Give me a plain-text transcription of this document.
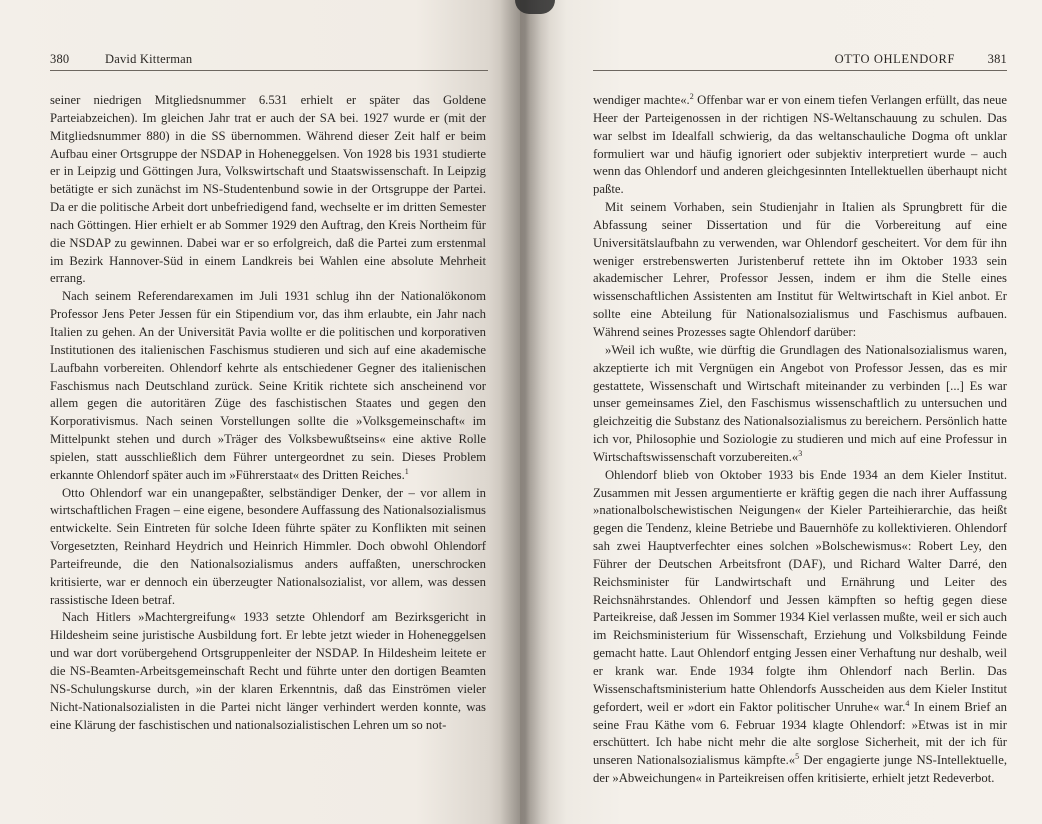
380	David Kitterman

seiner niedrigen Mitgliedsnummer 6.531 erhielt er später das Goldene Parteiabzeichen). Im gleichen Jahr trat er auch der SA bei. 1927 wurde er (mit der Mitgliedsnummer 880) in die SS übernommen. Während dieser Zeit half er beim Aufbau einer Ortsgruppe der NSDAP in Hoheneggelsen. Von 1928 bis 1931 studierte er in Leipzig und Göttingen Jura, Volkswirtschaft und Staatswissenschaft. In Leipzig betätigte er sich zunächst im NS-Studentenbund sowie in der Ortsgruppe der Partei. Da er die politische Arbeit dort unbefriedigend fand, wechselte er im dritten Semester nach Göttingen. Hier erhielt er ab Sommer 1929 den Auftrag, den Kreis Northeim für die NSDAP zu gewinnen. Dabei war er so erfolgreich, daß die Partei zum erstenmal im Bezirk Hannover-Süd in einem Landkreis bei Wahlen eine absolute Mehrheit errang.

Nach seinem Referendarexamen im Juli 1931 schlug ihn der Nationalökonom Professor Jens Peter Jessen für ein Stipendium vor, das ihm erlaubte, ein Jahr nach Italien zu gehen. An der Universität Pavia wollte er die politischen und korporativen Institutionen des italienischen Faschismus studieren und sich auf eine akademische Laufbahn vorbereiten. Ohlendorf kehrte als entschiedener Gegner des italienischen Faschismus nach Deutschland zurück. Seine Kritik richtete sich anscheinend vor allem gegen die autoritären Züge des faschistischen Staates und gegen den Korporativismus. Nach seinen Vorstellungen sollte die »Volksgemeinschaft« im Mittelpunkt stehen und durch »Träger des Volksbewußtseins« eine aktive Rolle spielen, statt ausschließlich dem Führer untergeordnet zu sein. Dieses Problem erkannte Ohlendorf später auch im »Führerstaat« des Dritten Reiches.$^1$

Otto Ohlendorf war ein unangepaßter, selbständiger Denker, der – vor allem in wirtschaftlichen Fragen – eine eigene, besondere Auffassung des Nationalsozialismus entwickelte. Sein Eintreten für solche Ideen führte später zu Konflikten mit seinen Vorgesetzten, Reinhard Heydrich und Heinrich Himmler. Doch obwohl Ohlendorf Parteifreunde, die den Nationalsozialismus anders auffaßten, unerschrocken kritisierte, war er dennoch ein überzeugter Nationalsozialist, vor allem, was dessen rassistische Ideen betraf.

Nach Hitlers »Machtergreifung« 1933 setzte Ohlendorf am Bezirksgericht in Hildesheim seine juristische Ausbildung fort. Er lebte jetzt wieder in Hoheneggelsen und war dort vorübergehend Ortsgruppenleiter der NSDAP. In Hildesheim leitete er die NS-Beamten-Arbeitsgemeinschaft Recht und führte unter den dortigen Beamten NS-Schulungskurse durch, »in der klaren Erkenntnis, daß das Einströmen vieler Nicht-Nationalsozialisten in die Partei nicht länger verhindert werden konnte, was eine Klärung der faschistischen und nationalsozialistischen Lehren um so not-

OTTO OHLENDORF	381

wendiger machte«.$^2$ Offenbar war er von einem tiefen Verlangen erfüllt, das neue Heer der Parteigenossen in der richtigen NS-Weltanschauung zu schulen. Das war selbst im Idealfall schwierig, da das weltanschauliche Dogma oft unklar formuliert war und häufig ignoriert oder subjektiv interpretiert wurde – auch wenn das Ohlendorf und anderen gleichgesinnten Intellektuellen überhaupt nicht paßte.

Mit seinem Vorhaben, sein Studienjahr in Italien als Sprungbrett für die Abfassung seiner Dissertation und für die Vorbereitung auf eine Universitätslaufbahn zu verwenden, war Ohlendorf gescheitert. Vor dem für ihn weniger erstrebenswerten Juristenberuf rettete ihn im Oktober 1933 sein akademischer Lehrer, Professor Jessen, indem er ihm die Stelle eines wissenschaftlichen Assistenten am Institut für Weltwirtschaft in Kiel anbot. Er sollte eine Abteilung für Nationalsozialismus und Faschismus aufbauen. Während seines Prozesses sagte Ohlendorf darüber:

»Weil ich wußte, wie dürftig die Grundlagen des Nationalsozialismus waren, akzeptierte ich mit Vergnügen ein Angebot von Professor Jessen, das es mir gestattete, Wissenschaft und Wirtschaft miteinander zu verbinden [...] Es war unser gemeinsames Ziel, den Faschismus wissenschaftlich zu untersuchen und gleichzeitig die Substanz des Nationalsozialismus zu bereichern. Persönlich hatte ich vor, Philosophie und Soziologie zu studieren und mich auf eine Professur in Wirtschaftswissenschaft vorzubereiten.«$^3$

Ohlendorf blieb von Oktober 1933 bis Ende 1934 an dem Kieler Institut. Zusammen mit Jessen argumentierte er kräftig gegen die nach ihrer Auffassung »nationalbolschewistischen Neigungen« der Kieler Parteihierarchie, das heißt gegen die Tendenz, kleine Betriebe und Bauernhöfe zu kollektivieren. Ohlendorf sah zwei Hauptverfechter eines solchen »Bolschewismus«: Robert Ley, den Führer der Deutschen Arbeitsfront (DAF), und Richard Walter Darré, den Reichsminister für Landwirtschaft und Ernährung und Leiter des Reichsnährstandes. Ohlendorf und Jessen kämpften so heftig gegen diese Parteikreise, daß Jessen im Sommer 1934 Kiel verlassen mußte, weil er sich auch im Reichsministerium für Wissenschaft, Erziehung und Volksbildung Feinde gemacht hatte. Laut Ohlendorf entging Jessen einer Verhaftung nur deshalb, weil er krank war. Ende 1934 folgte ihm Ohlendorf nach Berlin. Das Wissenschaftsministerium hatte Ohlendorfs Ausscheiden aus dem Kieler Institut gefordert, weil er »dort ein Faktor politischer Unruhe« war.$^4$ In einem Brief an seine Frau Käthe vom 6. Februar 1934 klagte Ohlendorf: »Etwas ist in mir erschüttert. Ich habe nicht mehr die alte sorglose Sicherheit, mit der ich für unseren Nationalsozialismus kämpfte.«$^5$ Der engagierte junge NS-Intellektuelle, der »Abweichungen« in Parteikreisen offen kritisierte, erhielt jetzt Redeverbot.
